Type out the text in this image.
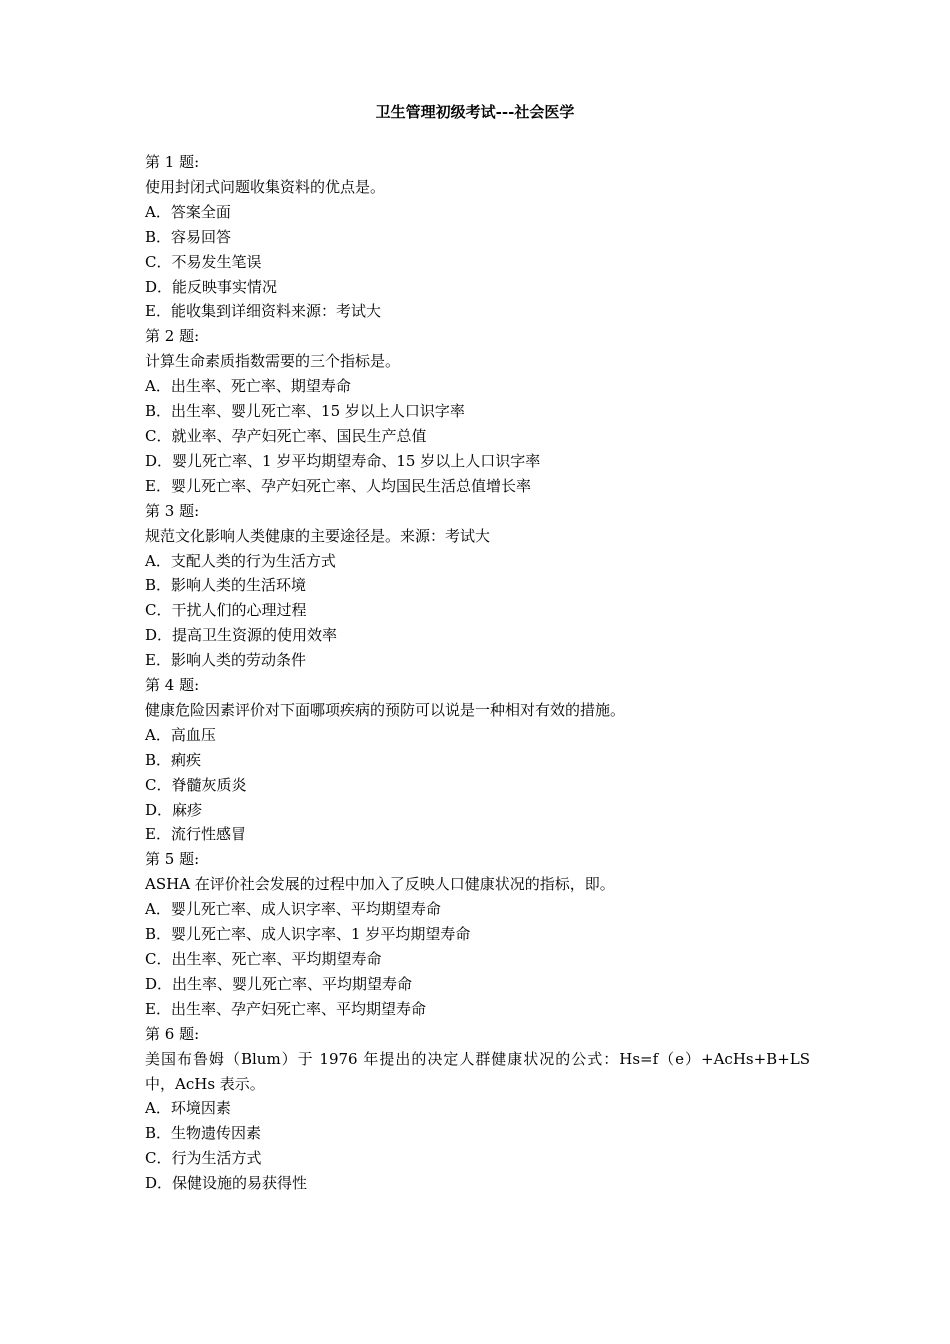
卫生管理初级考试---社会医学
第 1 题:
使用封闭式问题收集资料的优点是。
A．答案全面
B．容易回答
C．不易发生笔误
D．能反映事实情况
E．能收集到详细资料来源：考试大
第 2 题:
计算生命素质指数需要的三个指标是。
A．出生率、死亡率、期望寿命
B．出生率、婴儿死亡率、15 岁以上人口识字率
C．就业率、孕产妇死亡率、国民生产总值
D．婴儿死亡率、1 岁平均期望寿命、15 岁以上人口识字率
E．婴儿死亡率、孕产妇死亡率、人均国民生活总值增长率
第 3 题:
规范文化影响人类健康的主要途径是。来源：考试大
A．支配人类的行为生活方式
B．影响人类的生活环境
C．干扰人们的心理过程
D．提高卫生资源的使用效率
E．影响人类的劳动条件
第 4 题:
健康危险因素评价对下面哪项疾病的预防可以说是一种相对有效的措施。
A．高血压
B．痢疾
C．脊髓灰质炎
D．麻疹
E．流行性感冒
第 5 题:
ASHA 在评价社会发展的过程中加入了反映人口健康状况的指标，即。
A．婴儿死亡率、成人识字率、平均期望寿命
B．婴儿死亡率、成人识字率、1 岁平均期望寿命
C．出生率、死亡率、平均期望寿命
D．出生率、婴儿死亡率、平均期望寿命
E．出生率、孕产妇死亡率、平均期望寿命
第 6 题:
美国布鲁姆（Blum）于 1976 年提出的决定人群健康状况的公式：Hs=f（e）+AcHs+B+LS 中，AcHs 表示。
A．环境因素
B．生物遗传因素
C．行为生活方式
D．保健设施的易获得性
